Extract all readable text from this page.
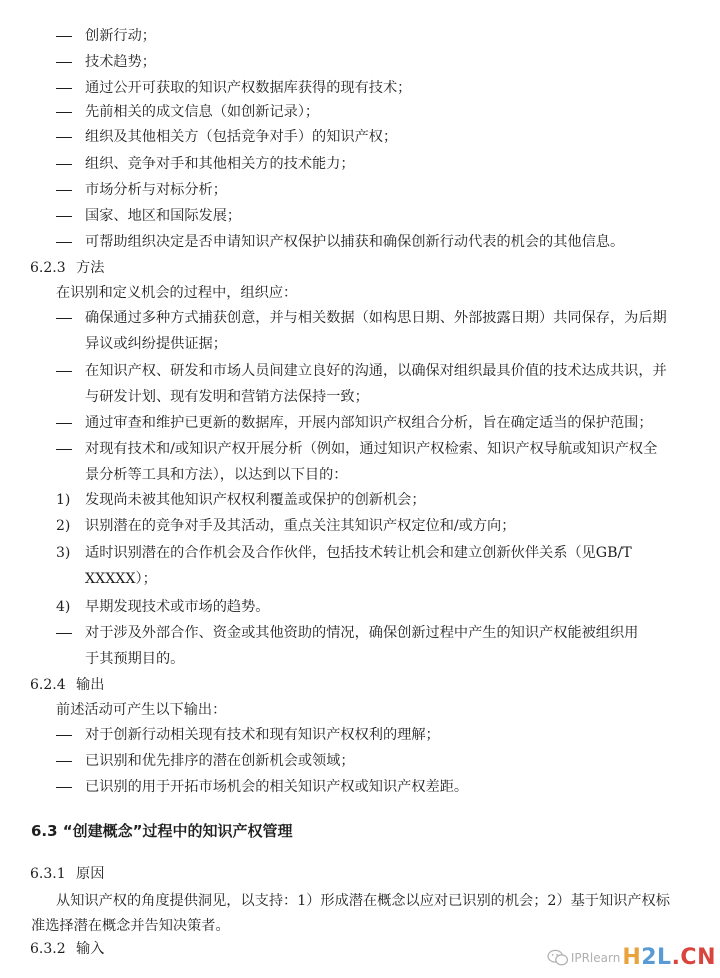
1)
2)
3)
4)
6.2.3
6.2.4
6.3.1
6.3.2
创新行动；
技术趋势；
通过公开可获取的知识产权数据库获得的现有技术；
先前相关的成文信息（如创新记录）；
组织及其他相关方（包括竞争对手）的知识产权；
组织、竞争对手和其他相关方的技术能力；
市场分析与对标分析；
国家、地区和国际发展；
可帮助组织决定是否申请知识产权保护以捕获和确保创新行动代表的机会的其他信息。
方法
在识别和定义机会的过程中，组织应：
确保通过多种方式捕获创意，并与相关数据（如构思日期、外部披露日期）共同保存，为后期
异议或纠纷提供证据；
在知识产权、研发和市场人员间建立良好的沟通，以确保对组织最具价值的技术达成共识，并
与研发计划、现有发明和营销方法保持一致；
通过审查和维护已更新的数据库，开展内部知识产权组合分析，旨在确定适当的保护范围；
对现有技术和/或知识产权开展分析（例如，通过知识产权检索、知识产权导航或知识产权全
景分析等工具和方法），以达到以下目的：
发现尚未被其他知识产权权利覆盖或保护的创新机会；
识别潜在的竞争对手及其活动，重点关注其知识产权定位和/或方向；
适时识别潜在的合作机会及合作伙伴，包括技术转让机会和建立创新伙伴关系（见GB/T
XXXXX）；
早期发现技术或市场的趋势。
对于涉及外部合作、资金或其他资助的情况，确保创新过程中产生的知识产权能被组织用
于其预期目的。
输出
前述活动可产生以下输出：
对于创新行动相关现有技术和现有知识产权权利的理解；
已识别和优先排序的潜在创新机会或领域；
已识别的用于开拓市场机会的相关知识产权或知识产权差距。
6.3 “创建概念”过程中的知识产权管理
原因
从知识产权的角度提供洞见，以支持：1）形成潜在概念以应对已识别的机会；2）基于知识产权标
准选择潜在概念并告知决策者。
输入
IPRlearn H2L.CN
